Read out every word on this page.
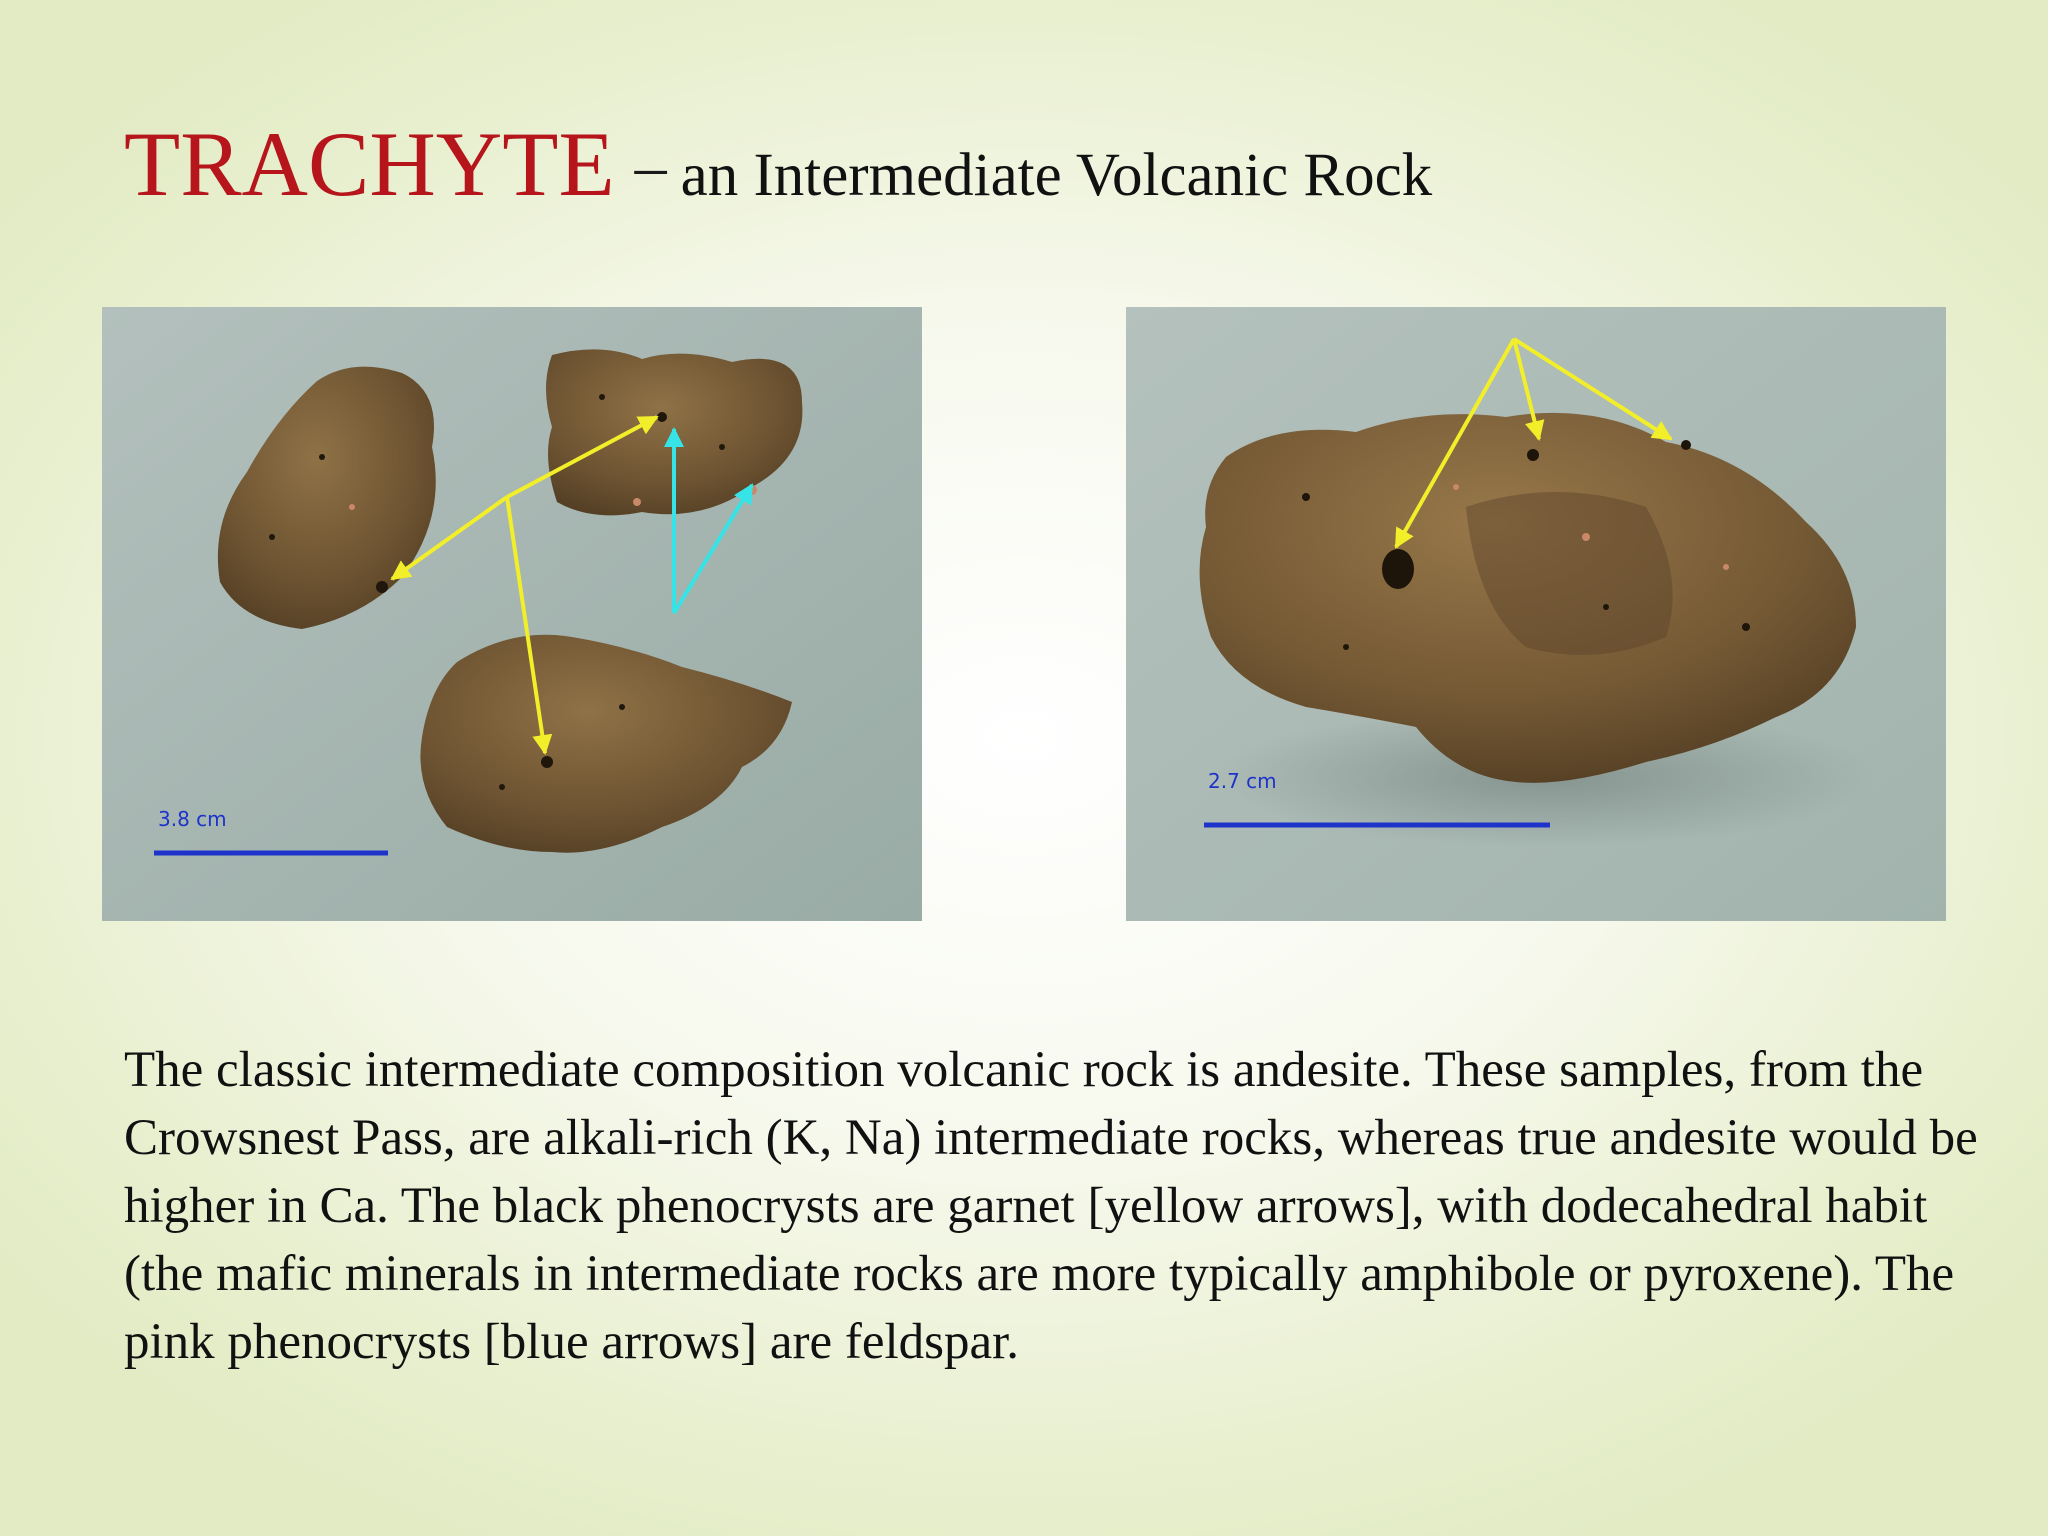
TRACHYTE – an Intermediate Volcanic Rock
3.8 cm
2.7 cm

The classic intermediate composition volcanic rock is andesite. These samples, from the Crowsnest Pass, are alkali-rich (K, Na) intermediate rocks, whereas true andesite would be higher in Ca. The black phenocrysts are garnet [yellow arrows], with dodecahedral habit (the mafic minerals in intermediate rocks are more typically amphibole or pyroxene). The pink phenocrysts [blue arrows] are feldspar.
